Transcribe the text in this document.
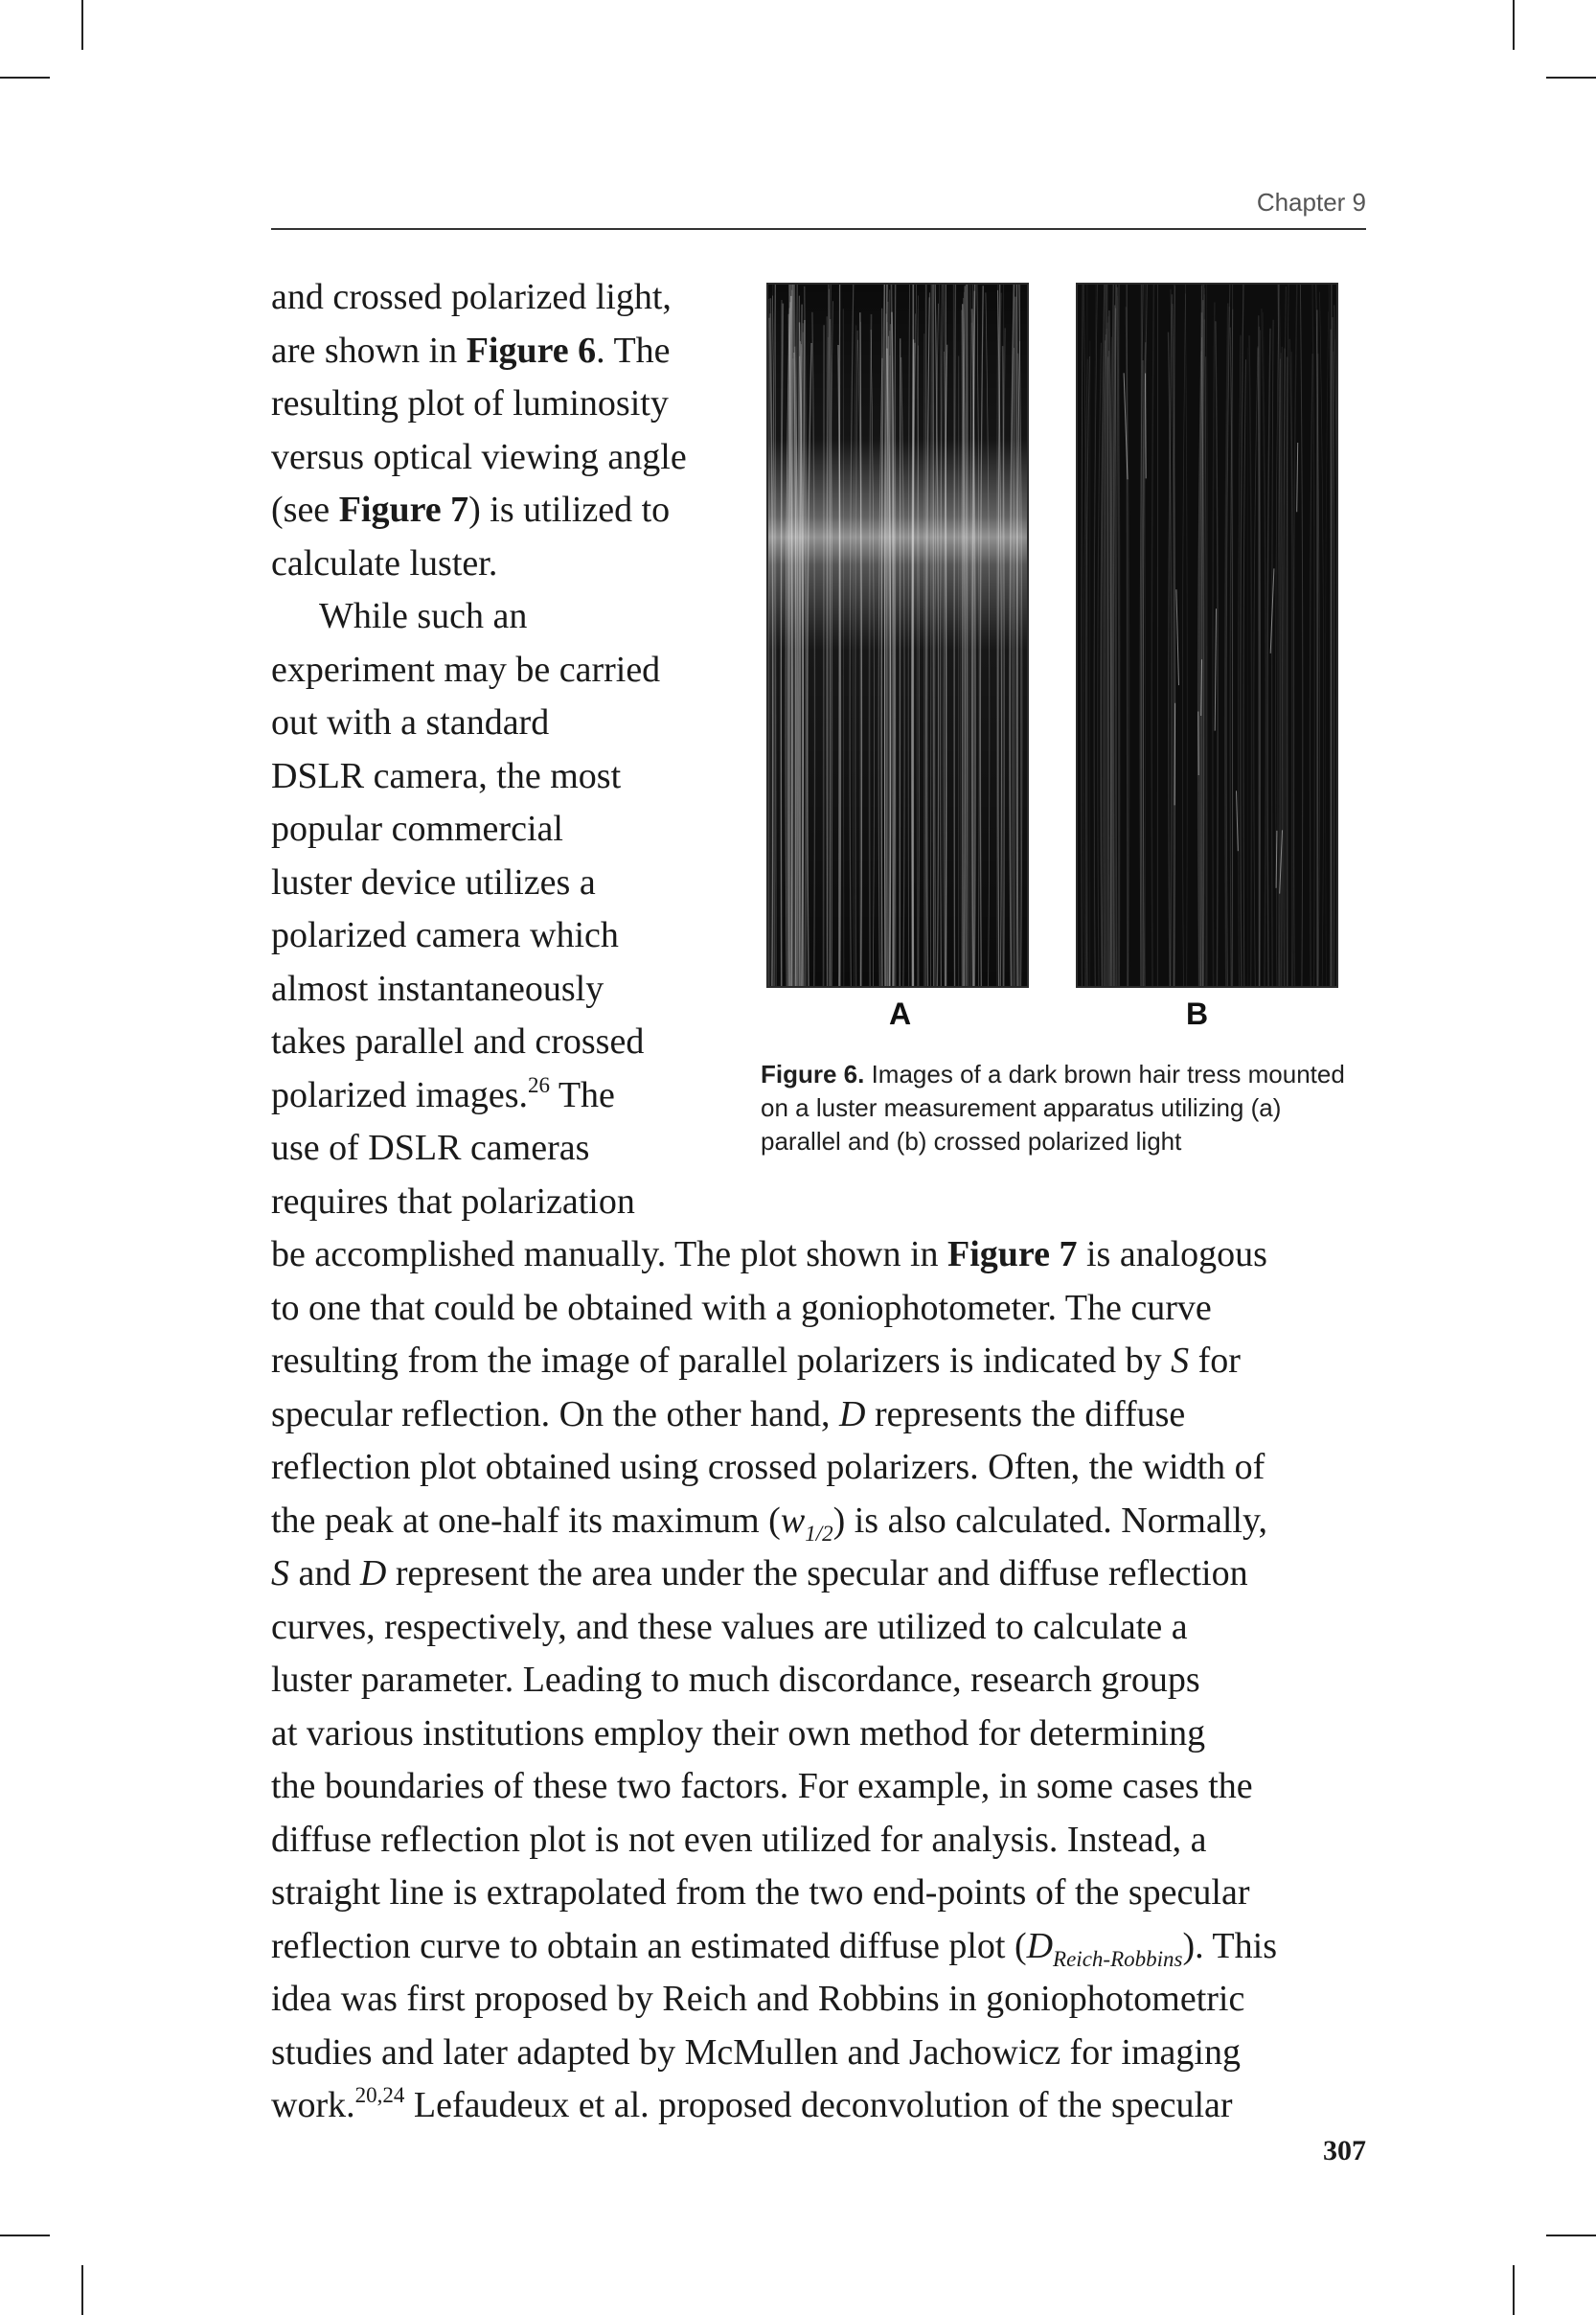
Chapter 9
and crossed polarized light,
are shown in Figure 6. The
resulting plot of luminosity
versus optical viewing angle
(see Figure 7) is utilized to
calculate luster.
While such an
experiment may be carried
out with a standard
DSLR camera, the most
popular commercial
luster device utilizes a
polarized camera which
almost instantaneously
takes parallel and crossed
polarized images.$^{26}$ The
use of DSLR cameras
requires that polarization
A	B
Figure 6. Images of a dark brown hair tress mounted
on a luster measurement apparatus utilizing (a)
parallel and (b) crossed polarized light
be accomplished manually. The plot shown in Figure 7 is analogous
to one that could be obtained with a goniophotometer. The curve
resulting from the image of parallel polarizers is indicated by S for
specular reflection. On the other hand, D represents the diffuse
reflection plot obtained using crossed polarizers. Often, the width of
the peak at one-half its maximum $(w_{1/2})$ is also calculated. Normally,
S and D represent the area under the specular and diffuse reflection
curves, respectively, and these values are utilized to calculate a
luster parameter. Leading to much discordance, research groups
at various institutions employ their own method for determining
the boundaries of these two factors. For example, in some cases the
diffuse reflection plot is not even utilized for analysis. Instead, a
straight line is extrapolated from the two end-points of the specular
reflection curve to obtain an estimated diffuse plot $(D_{Reich-Robbins})$. This
idea was first proposed by Reich and Robbins in goniophotometric
studies and later adapted by McMullen and Jachowicz for imaging
work.$^{20,24}$ Lefaudeux et al. proposed deconvolution of the specular
307
